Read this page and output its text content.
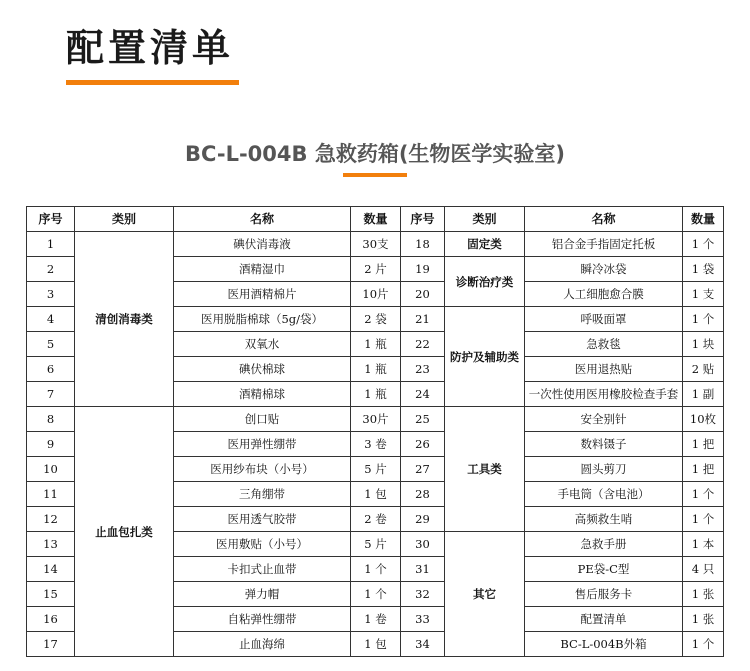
配置清单
BC-L-004B 急救药箱(生物医学实验室)
序号	类别	名称	数量	序号	类别	名称	数量
1	清创消毒类	碘伏消毒液	30支	18	固定类	铝合金手指固定托板	1 个
2		酒精湿巾	2 片	19	诊断治疗类	瞬冷冰袋	1 袋
3		医用酒精棉片	10片	20		人工细胞愈合膜	1 支
4		医用脱脂棉球（5g/袋）	2 袋	21	防护及辅助类	呼吸面罩	1 个
5		双氧水	1 瓶	22		急救毯	1 块
6		碘伏棉球	1 瓶	23		医用退热贴	2 贴
7		酒精棉球	1 瓶	24		一次性使用医用橡胶检查手套	1 副
8	止血包扎类	创口贴	30片	25	工具类	安全别针	10枚
9		医用弹性绷带	3 卷	26		数料镊子	1 把
10		医用纱布块（小号）	5 片	27		圆头剪刀	1 把
11		三角绷带	1 包	28		手电筒（含电池）	1 个
12		医用透气胶带	2 卷	29		高频救生哨	1 个
13		医用敷贴（小号）	5 片	30	其它	急救手册	1 本
14		卡扣式止血带	1 个	31		PE袋-C型	4 只
15		弹力帽	1 个	32		售后服务卡	1 张
16		自粘弹性绷带	1 卷	33		配置清单	1 张
17		止血海绵	1 包	34		BC-L-004B外箱	1 个
